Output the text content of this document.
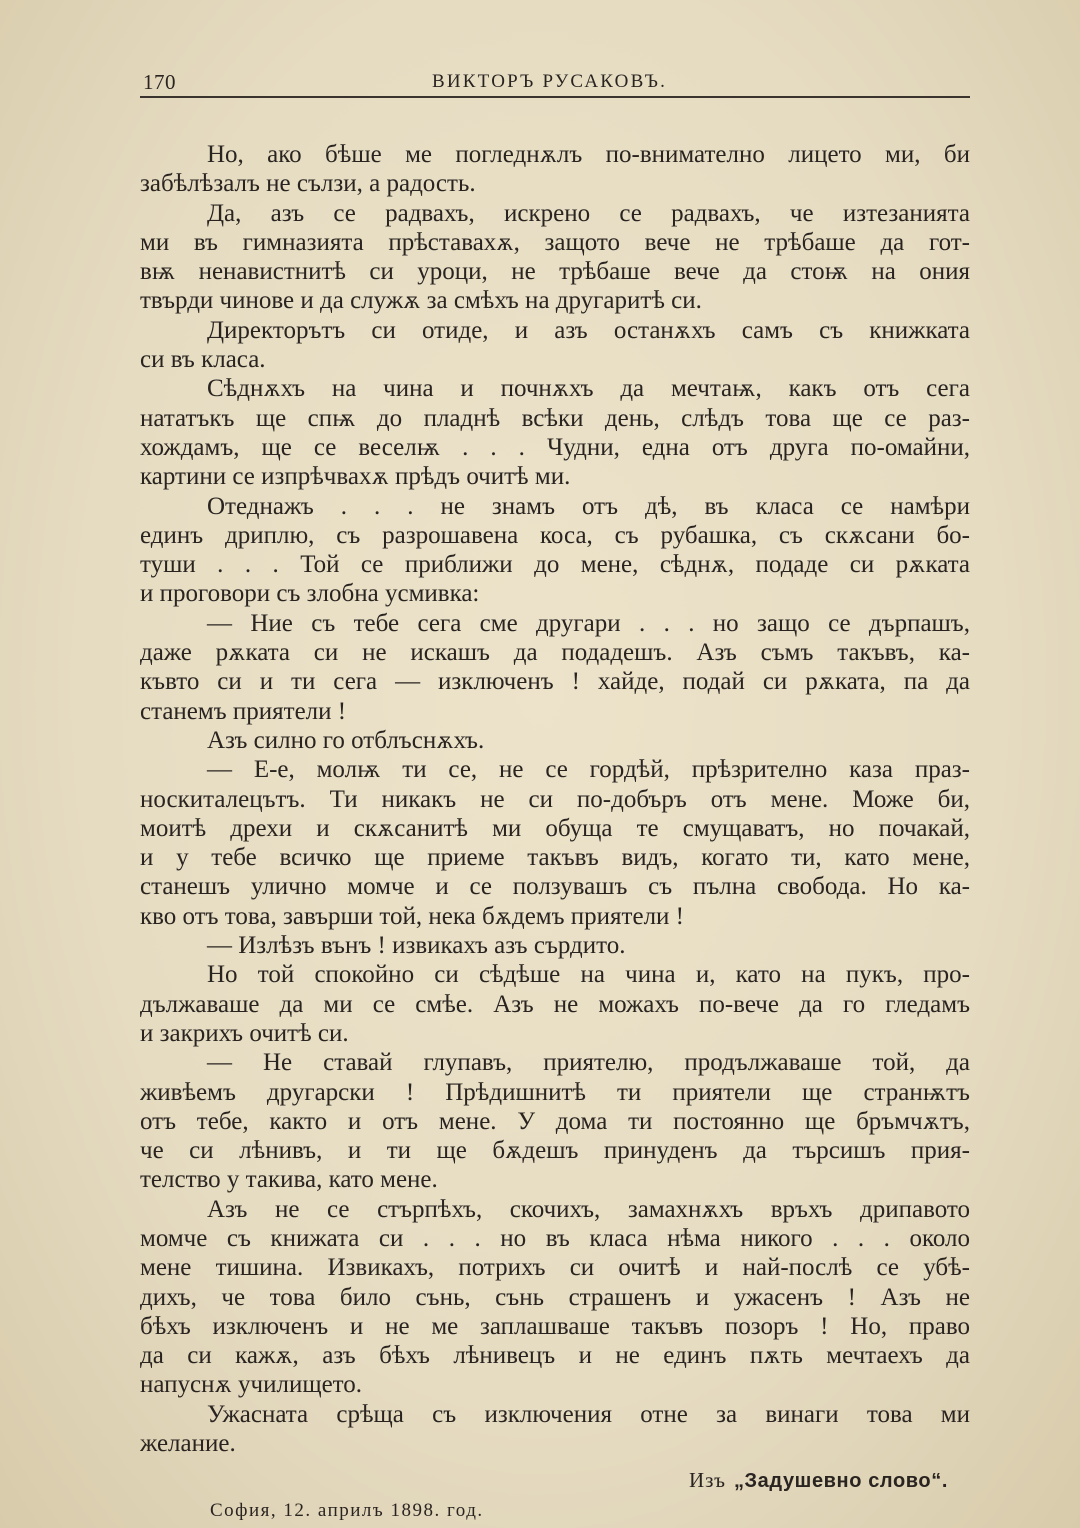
170	ВИКТОРЪ РУСАКОВЪ.
Но, ако бѣше ме погледнѫлъ по-внимателно лицето ми, би
забѣлѣзалъ не сълзи, а радость.
Да, азъ се радвахъ, искрено се радвахъ, че изтезанията
ми въ гимназията прѣставахѫ, защото вече не трѣбаше да гот-
вѭ ненавистнитѣ си уроци, не трѣбаше вече да стоѭ на ония
твърди чинове и да служѫ за смѣхъ на другаритѣ си.
Директорътъ си отиде, и азъ останѫхъ самъ съ книжката
си въ класа.
Сѣднѫхъ на чина и почнѫхъ да мечтаѭ, какъ отъ сега
нататъкъ ще спѭ до пладнѣ всѣки день, слѣдъ това ще се раз-
хождамъ, ще се веселѭ . . . Чудни, една отъ друга по-омайни,
картини се изпрѣчвахѫ прѣдъ очитѣ ми.
Отеднажъ . . . не знамъ отъ дѣ, въ класа се намѣри
единъ дриплю, съ разрошавена коса, съ рубашка, съ скѫсани бо-
туши . . . Той се приближи до мене, сѣднѫ, подаде си рѫката
и проговори съ злобна усмивка:
— Ние съ тебе сега сме другари . . . но защо се дърпашъ,
даже рѫката си не искашъ да подадешъ. Азъ съмъ такъвъ, ка-
къвто си и ти сега — изключенъ ! хайде, подай си рѫката, па да
станемъ приятели !
Азъ силно го отблъснѫхъ.
— Е-е, молѭ ти се, не се гордѣй, прѣзрително каза праз-
носкиталецътъ. Ти никакъ не си по-добъръ отъ мене. Може би,
моитѣ дрехи и скѫсанитѣ ми обуща те смущаватъ, но почакай,
и у тебе всичко ще приеме такъвъ видъ, когато ти, като мене,
станешъ улично момче и се ползувашъ съ пълна свобода. Но ка-
кво отъ това, завърши той, нека бѫдемъ приятели !
— Излѣзъ вънъ ! извикахъ азъ сърдито.
Но той спокойно си сѣдѣше на чина и, като на пукъ, про-
дължаваше да ми се смѣе. Азъ не можахъ по-вече да го гледамъ
и закрихъ очитѣ си.
— Не ставай глупавъ, приятелю, продължаваше той, да
живѣемъ другарски ! Прѣдишнитѣ ти приятели ще странѭтъ
отъ тебе, както и отъ мене. У дома ти постоянно ще бръмчѫтъ,
че си лѣнивъ, и ти ще бѫдешъ принуденъ да търсишъ прия-
телство у такива, като мене.
Азъ не се стърпѣхъ, скочихъ, замахнѫхъ връхъ дрипавото
момче съ книжата си . . . но въ класа нѣма никого . . . около
мене тишина. Извикахъ, потрихъ си очитѣ и най-послѣ се убѣ-
дихъ, че това било сънь, сънь страшенъ и ужасенъ ! Азъ не
бѣхъ изключенъ и не ме заплашваше такъвъ позоръ ! Но, право
да си кажѫ, азъ бѣхъ лѣнивецъ и не единъ пѫть мечтаехъ да
напуснѫ училището.
Ужасната срѣща съ изключения отне за винаги това ми
желание.
Изъ „Задушевно слово“.
София, 12. априлъ 1898. год.
